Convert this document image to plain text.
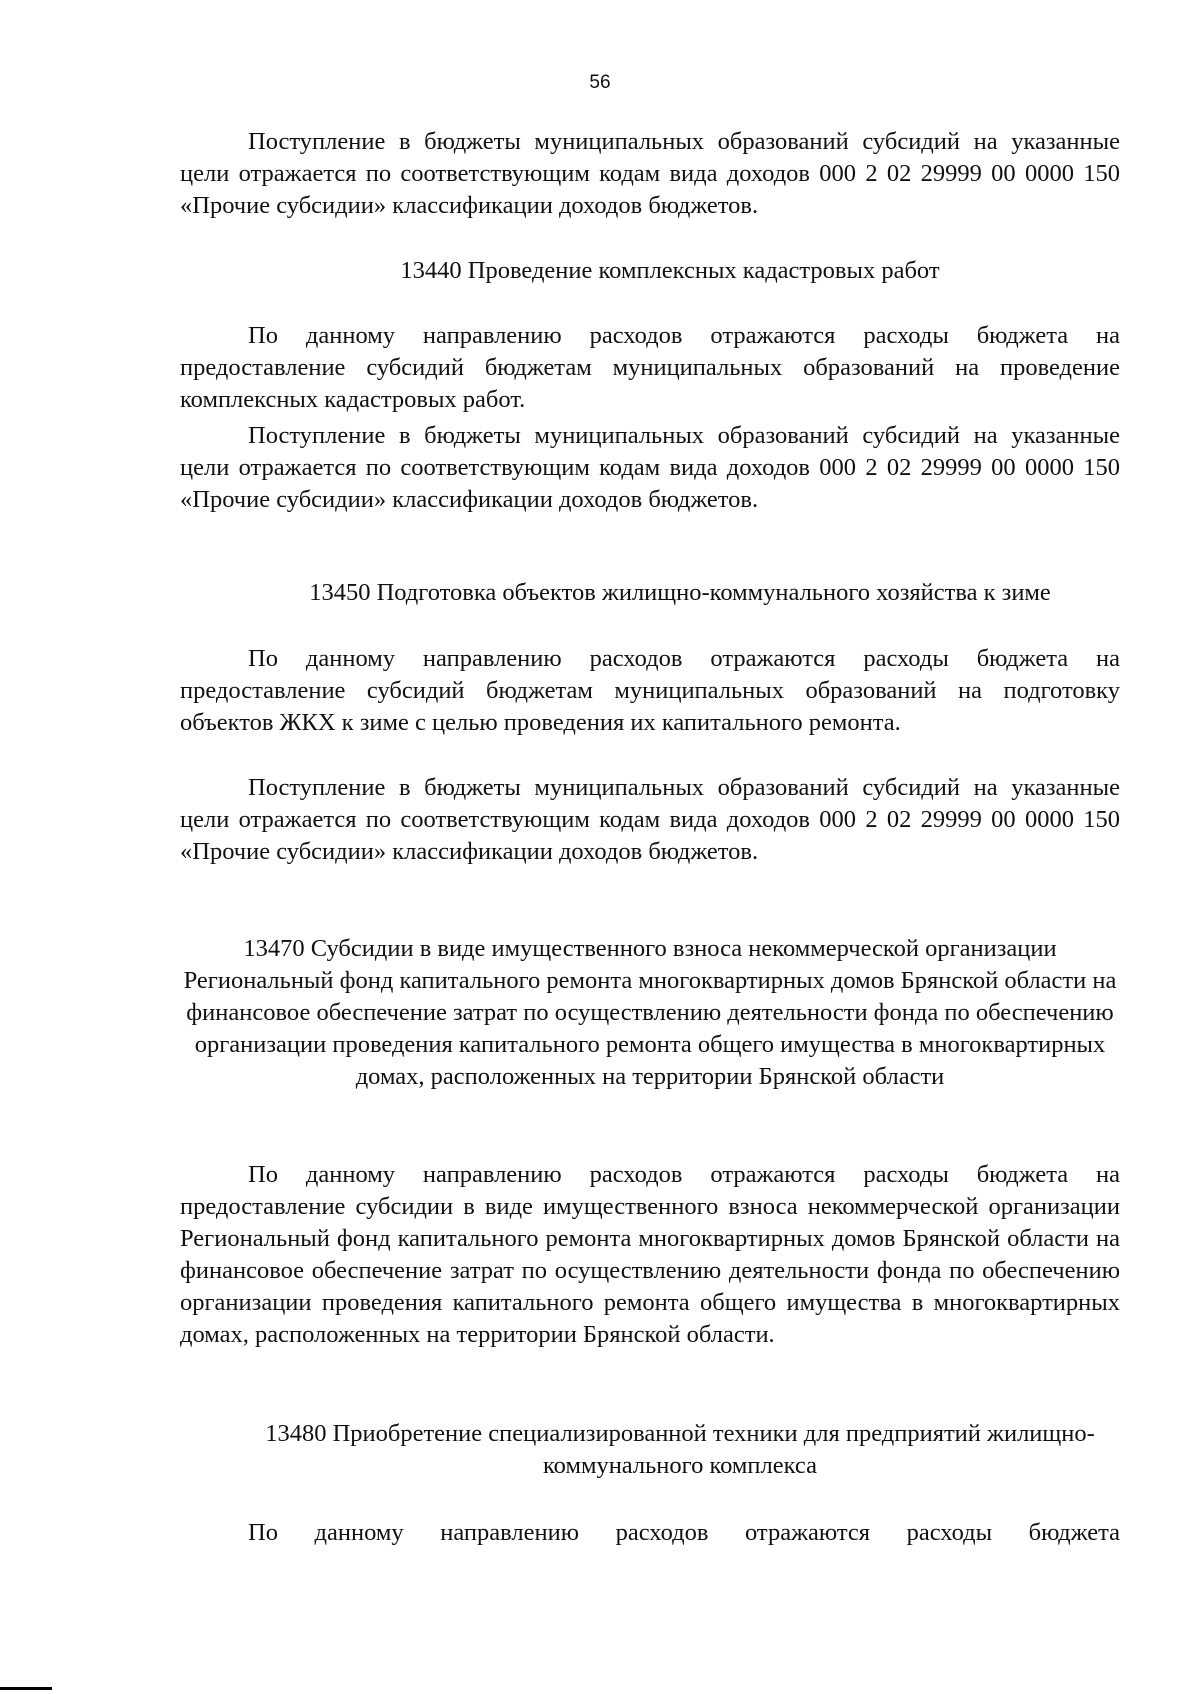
56

Поступление в бюджеты муниципальных образований субсидий на указанные цели отражается по соответствующим кодам вида доходов 000 2 02 29999 00 0000 150 «Прочие субсидии» классификации доходов бюджетов.

13440 Проведение комплексных кадастровых работ

По данному направлению расходов отражаются расходы бюджета на предоставление субсидий бюджетам муниципальных образований на проведение комплексных кадастровых работ.

Поступление в бюджеты муниципальных образований субсидий на указанные цели отражается по соответствующим кодам вида доходов 000 2 02 29999 00 0000 150 «Прочие субсидии» классификации доходов бюджетов.

13450 Подготовка объектов жилищно-коммунального хозяйства к зиме

По данному направлению расходов отражаются расходы бюджета на предоставление субсидий бюджетам муниципальных образований на подготовку объектов ЖКХ к зиме с целью проведения их капитального ремонта.

Поступление в бюджеты муниципальных образований субсидий на указанные цели отражается по соответствующим кодам вида доходов 000 2 02 29999 00 0000 150 «Прочие субсидии» классификации доходов бюджетов.

13470 Субсидии в виде имущественного взноса некоммерческой организации Региональный фонд капитального ремонта многоквартирных домов Брянской области на финансовое обеспечение затрат по осуществлению деятельности фонда по обеспечению организации проведения капитального ремонта общего имущества в многоквартирных домах, расположенных на территории Брянской области

По данному направлению расходов отражаются расходы бюджета на предоставление субсидии в виде имущественного взноса некоммерческой организации Региональный фонд капитального ремонта многоквартирных домов Брянской области на финансовое обеспечение затрат по осуществлению деятельности фонда по обеспечению организации проведения капитального ремонта общего имущества в многоквартирных домах, расположенных на территории Брянской области.

13480 Приобретение специализированной техники для предприятий жилищно-коммунального комплекса

По данному направлению расходов отражаются расходы бюджета
